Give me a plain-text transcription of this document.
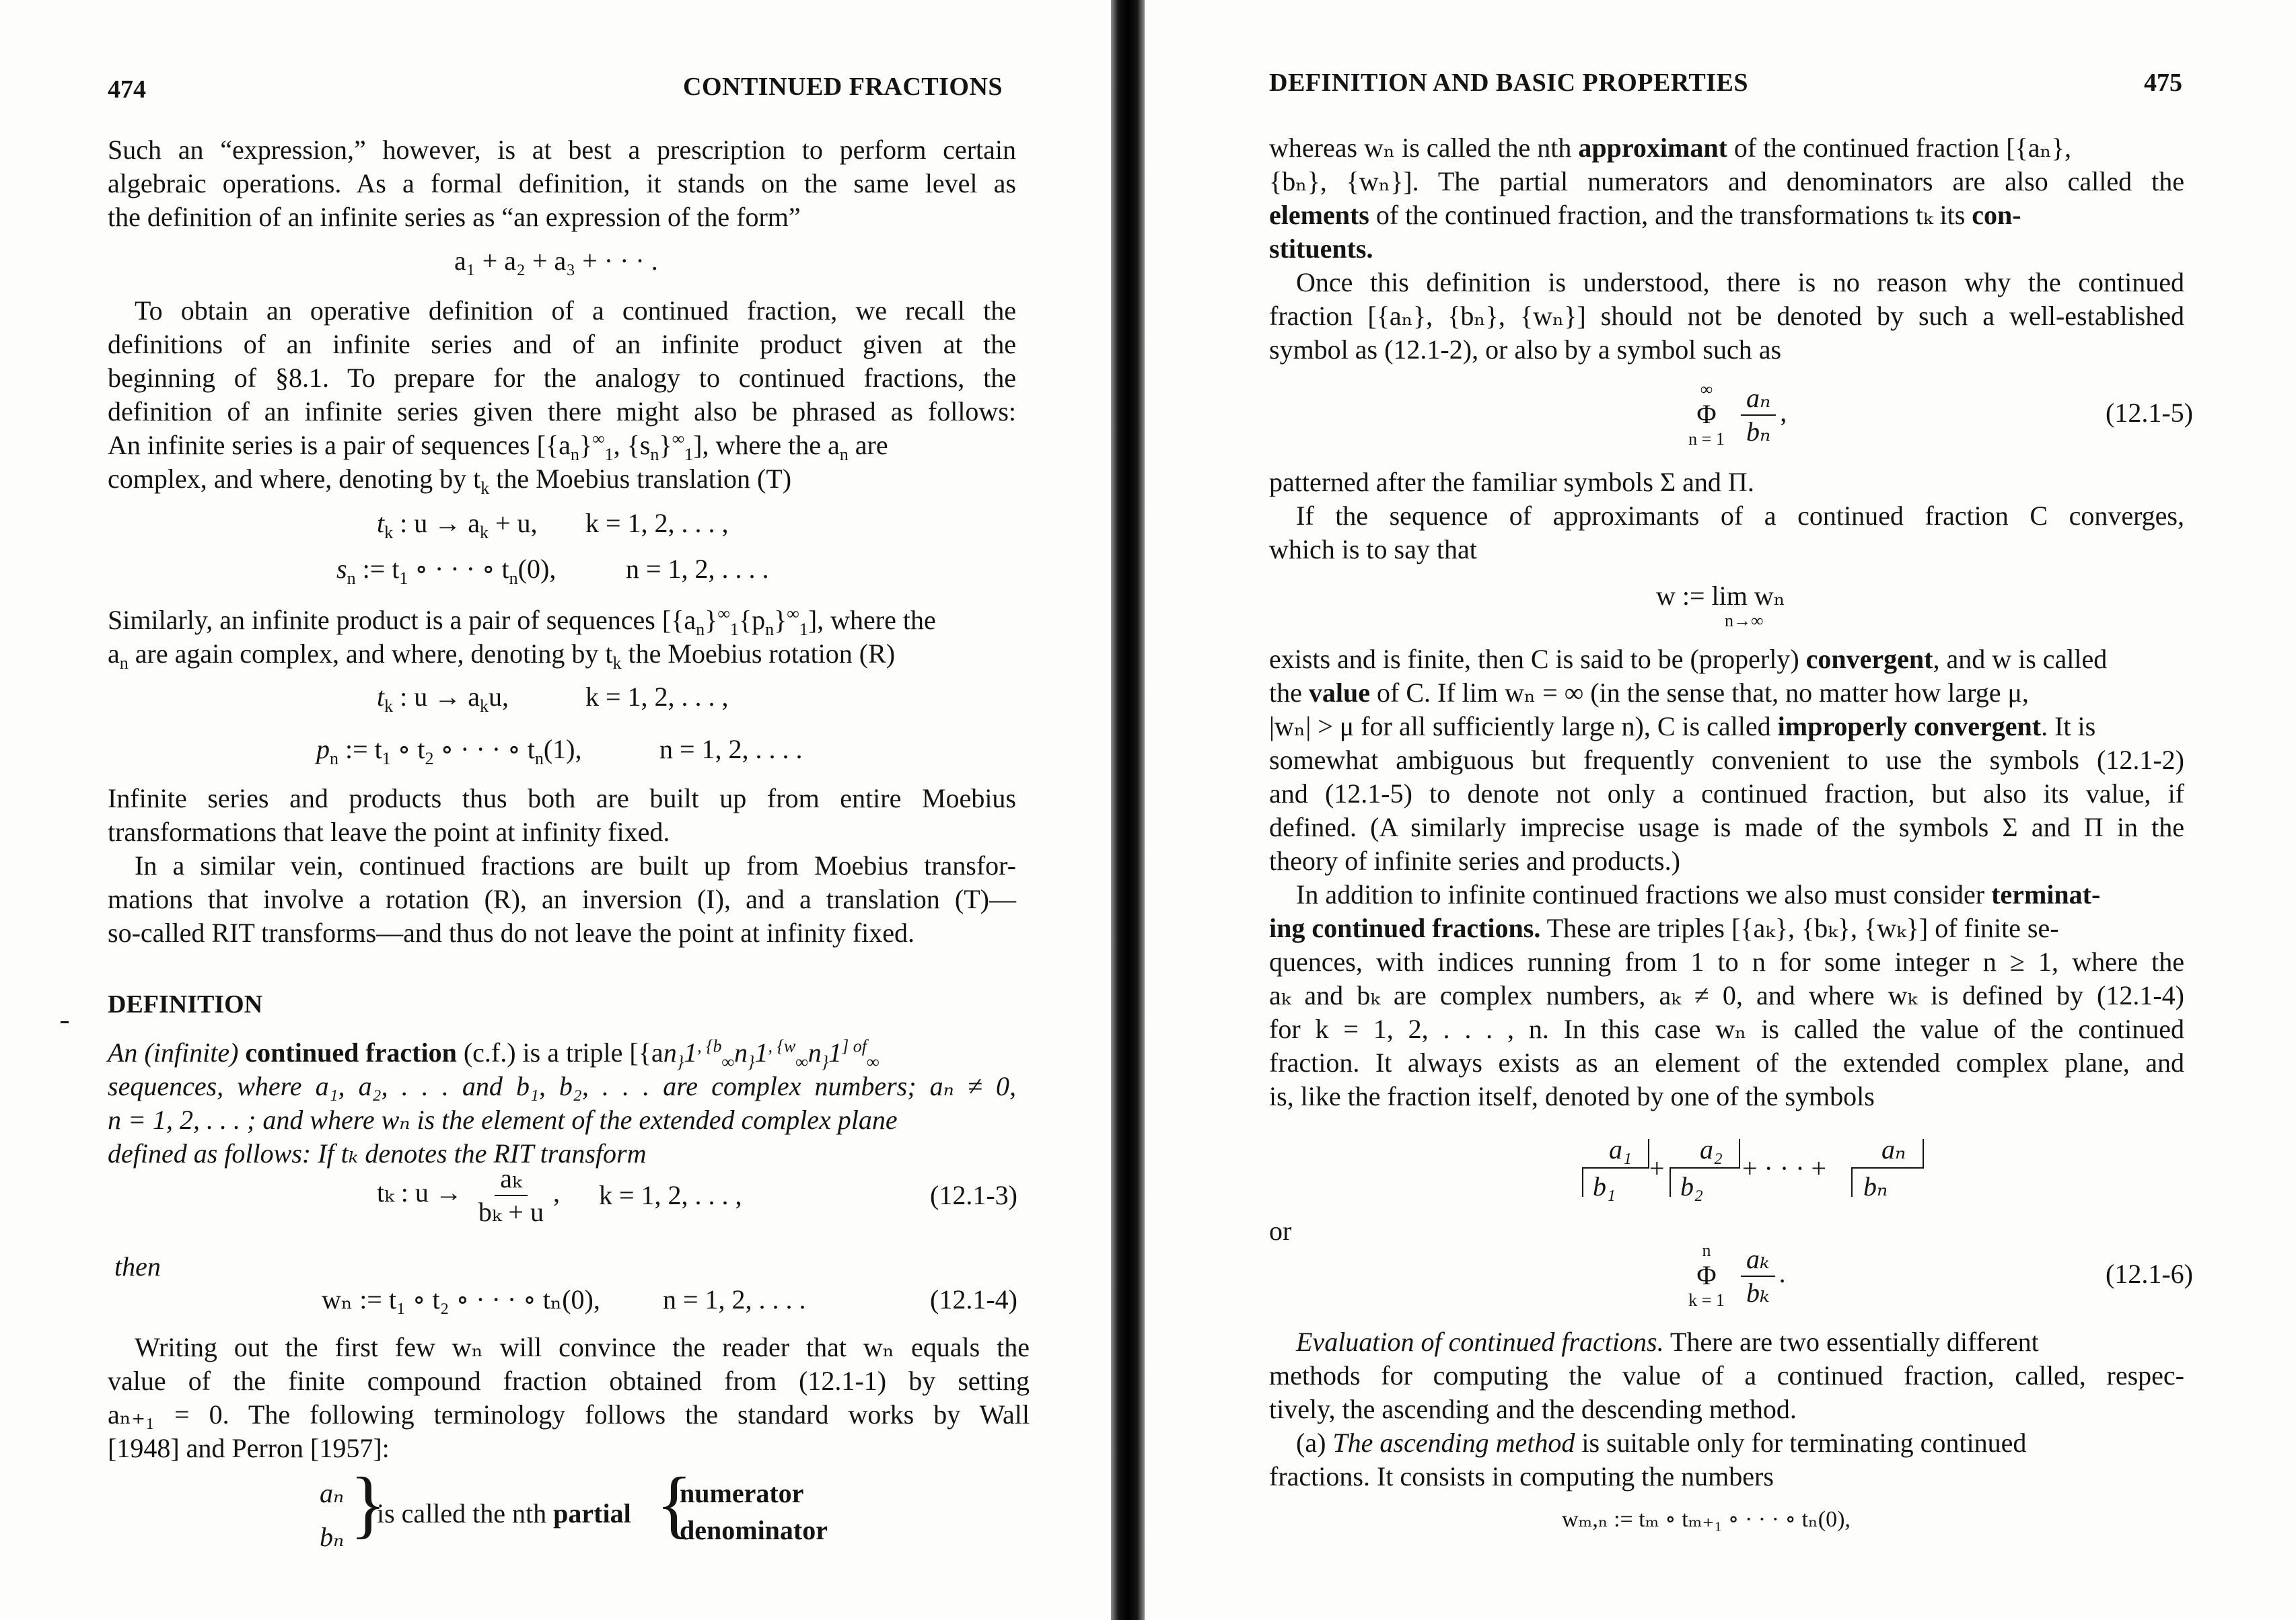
474	CONTINUED FRACTIONS
Such an “expression,” however, is at best a prescription to perform certain
algebraic operations. As a formal definition, it stands on the same level as
the definition of an infinite series as “an expression of the form”
a₁ + a₂ + a₃ + · · · .
To obtain an operative definition of a continued fraction, we recall the
definitions of an infinite series and of an infinite product given at the
beginning of §8.1. To prepare for the analogy to continued fractions, the
definition of an infinite series given there might also be phrased as follows:
An infinite series is a pair of sequences [$\{a_n\}^\infty_1$, $\{s_n\}^\infty_1$], where the $a_n$ are
complex, and where, denoting by $t_k$ the Moebius translation (T)
$t_k$ : $u \to a_k + u$, k = 1, 2, . . . ,
$s_n$ := $t_1$ ∘ · · · ∘ $t_n(0)$,	n = 1, 2, . . . .
Similarly, an infinite product is a pair of sequences $[\{a_n\}^\infty_1\{p_n\}^\infty_1]$, where the
$a_n$ are again complex, and where, denoting by $t_k$ the Moebius rotation (R)
$t_k$ : $u \to a_ku$,	k = 1, 2, . . . ,
$p_n$ := $t_1$ ∘ $t_2$ ∘ · · · ∘ $t_n(1)$,	n = 1, 2, . . . .
Infinite series and products thus both are built up from entire Moebius
transformations that leave the point at infinity fixed.
In a similar vein, continued fractions are built up from Moebius transfor-
mations that involve a rotation (R), an inversion (I), and a translation (T)—
so-called RIT transforms—and thus do not leave the point at infinity fixed.
DEFINITION
An (infinite) continued fraction (c.f.) is a triple [{$an_{\}}1^{, \{b}_\infty n_{\}}1^{, \{w}_\infty n_{\}}1^{] of}_\infty$
sequences, where a₁, a₂, . . . and b₁, b₂, . . . are complex numbers; aₙ ≠ 0,
n = 1, 2, . . . ; and where wₙ is the element of the extended complex plane
defined as follows: If tₖ denotes the RIT transform
tₖ : $u \to \frac{\text{aₖ}}{\text{bₖ + u}}$ , k = 1, 2, . . . ,	(12.1-3)
then
wₙ := t₁ ∘ t₂ ∘ · · · ∘ tₙ(0), n = 1, 2, . . . .	(12.1-4)
Writing out the first few wₙ will convince the reader that wₙ equals the
value of the finite compound fraction obtained from (12.1-1) by setting
aₙ₊₁ = 0. The following terminology follows the standard works by Wall
[1948] and Perron [1957]:
aₙ
bₙ }
is called the nth partial {
numerator
denominator
DEFINITION AND BASIC PROPERTIES	475
whereas wₙ is called the nth approximant of the continued fraction [{aₙ},
{bₙ}, {wₙ}]. The partial numerators and denominators are also called the
elements of the continued fraction, and the transformations tₖ its con-
stituents.
Once this definition is understood, there is no reason why the continued
fraction [{aₙ}, {bₙ}, {wₙ}] should not be denoted by such a well-established
symbol as (12.1-2), or also by a symbol such as
∞
Φ
$n = 1 \frac{\text{aₙ}}{\text{bₙ}}$ ,	(12.1-5)
patterned after the familiar symbols Σ and Π.
If the sequence of approximants of a continued fraction C converges,
which is to say that
w := lim wₙ
n→∞
exists and is finite, then C is said to be (properly) convergent, and w is called
the value of C. If lim wₙ = ∞ (in the sense that, no matter how large μ,
|wₙ| > μ for all sufficiently large n), C is called improperly convergent. It is
somewhat ambiguous but frequently convenient to use the symbols (12.1-2)
and (12.1-5) to denote not only a continued fraction, but also its value, if
defined. (A similarly imprecise usage is made of the symbols Σ and Π in the
theory of infinite series and products.)
In addition to infinite continued fractions we also must consider terminat-
ing continued fractions. These are triples [{aₖ}, {bₖ}, {wₖ}] of finite se-
quences, with indices running from 1 to n for some integer n ≥ 1, where the
aₖ and bₖ are complex numbers, aₖ ≠ 0, and where wₖ is defined by (12.1-4)
for k = 1, 2, . . . , n. In this case wₙ is called the value of the continued
fraction. It always exists as an element of the extended complex plane, and
is, like the fraction itself, denoted by one of the symbols
a₁
b₁
+
a₂
b₂
+ · · · +
aₙ
bₙ
or
n
Φ
$k = 1 \frac{\text{aₖ}}{\text{bₖ}}$ .	(12.1-6)
Evaluation of continued fractions. There are two essentially different
methods for computing the value of a continued fraction, called, respec-
tively, the ascending and the descending method.
(a) The ascending method is suitable only for terminating continued
fractions. It consists in computing the numbers
wₘ,ₙ := tₘ ∘ tₘ₊₁ ∘ · · · ∘ tₙ(0),
